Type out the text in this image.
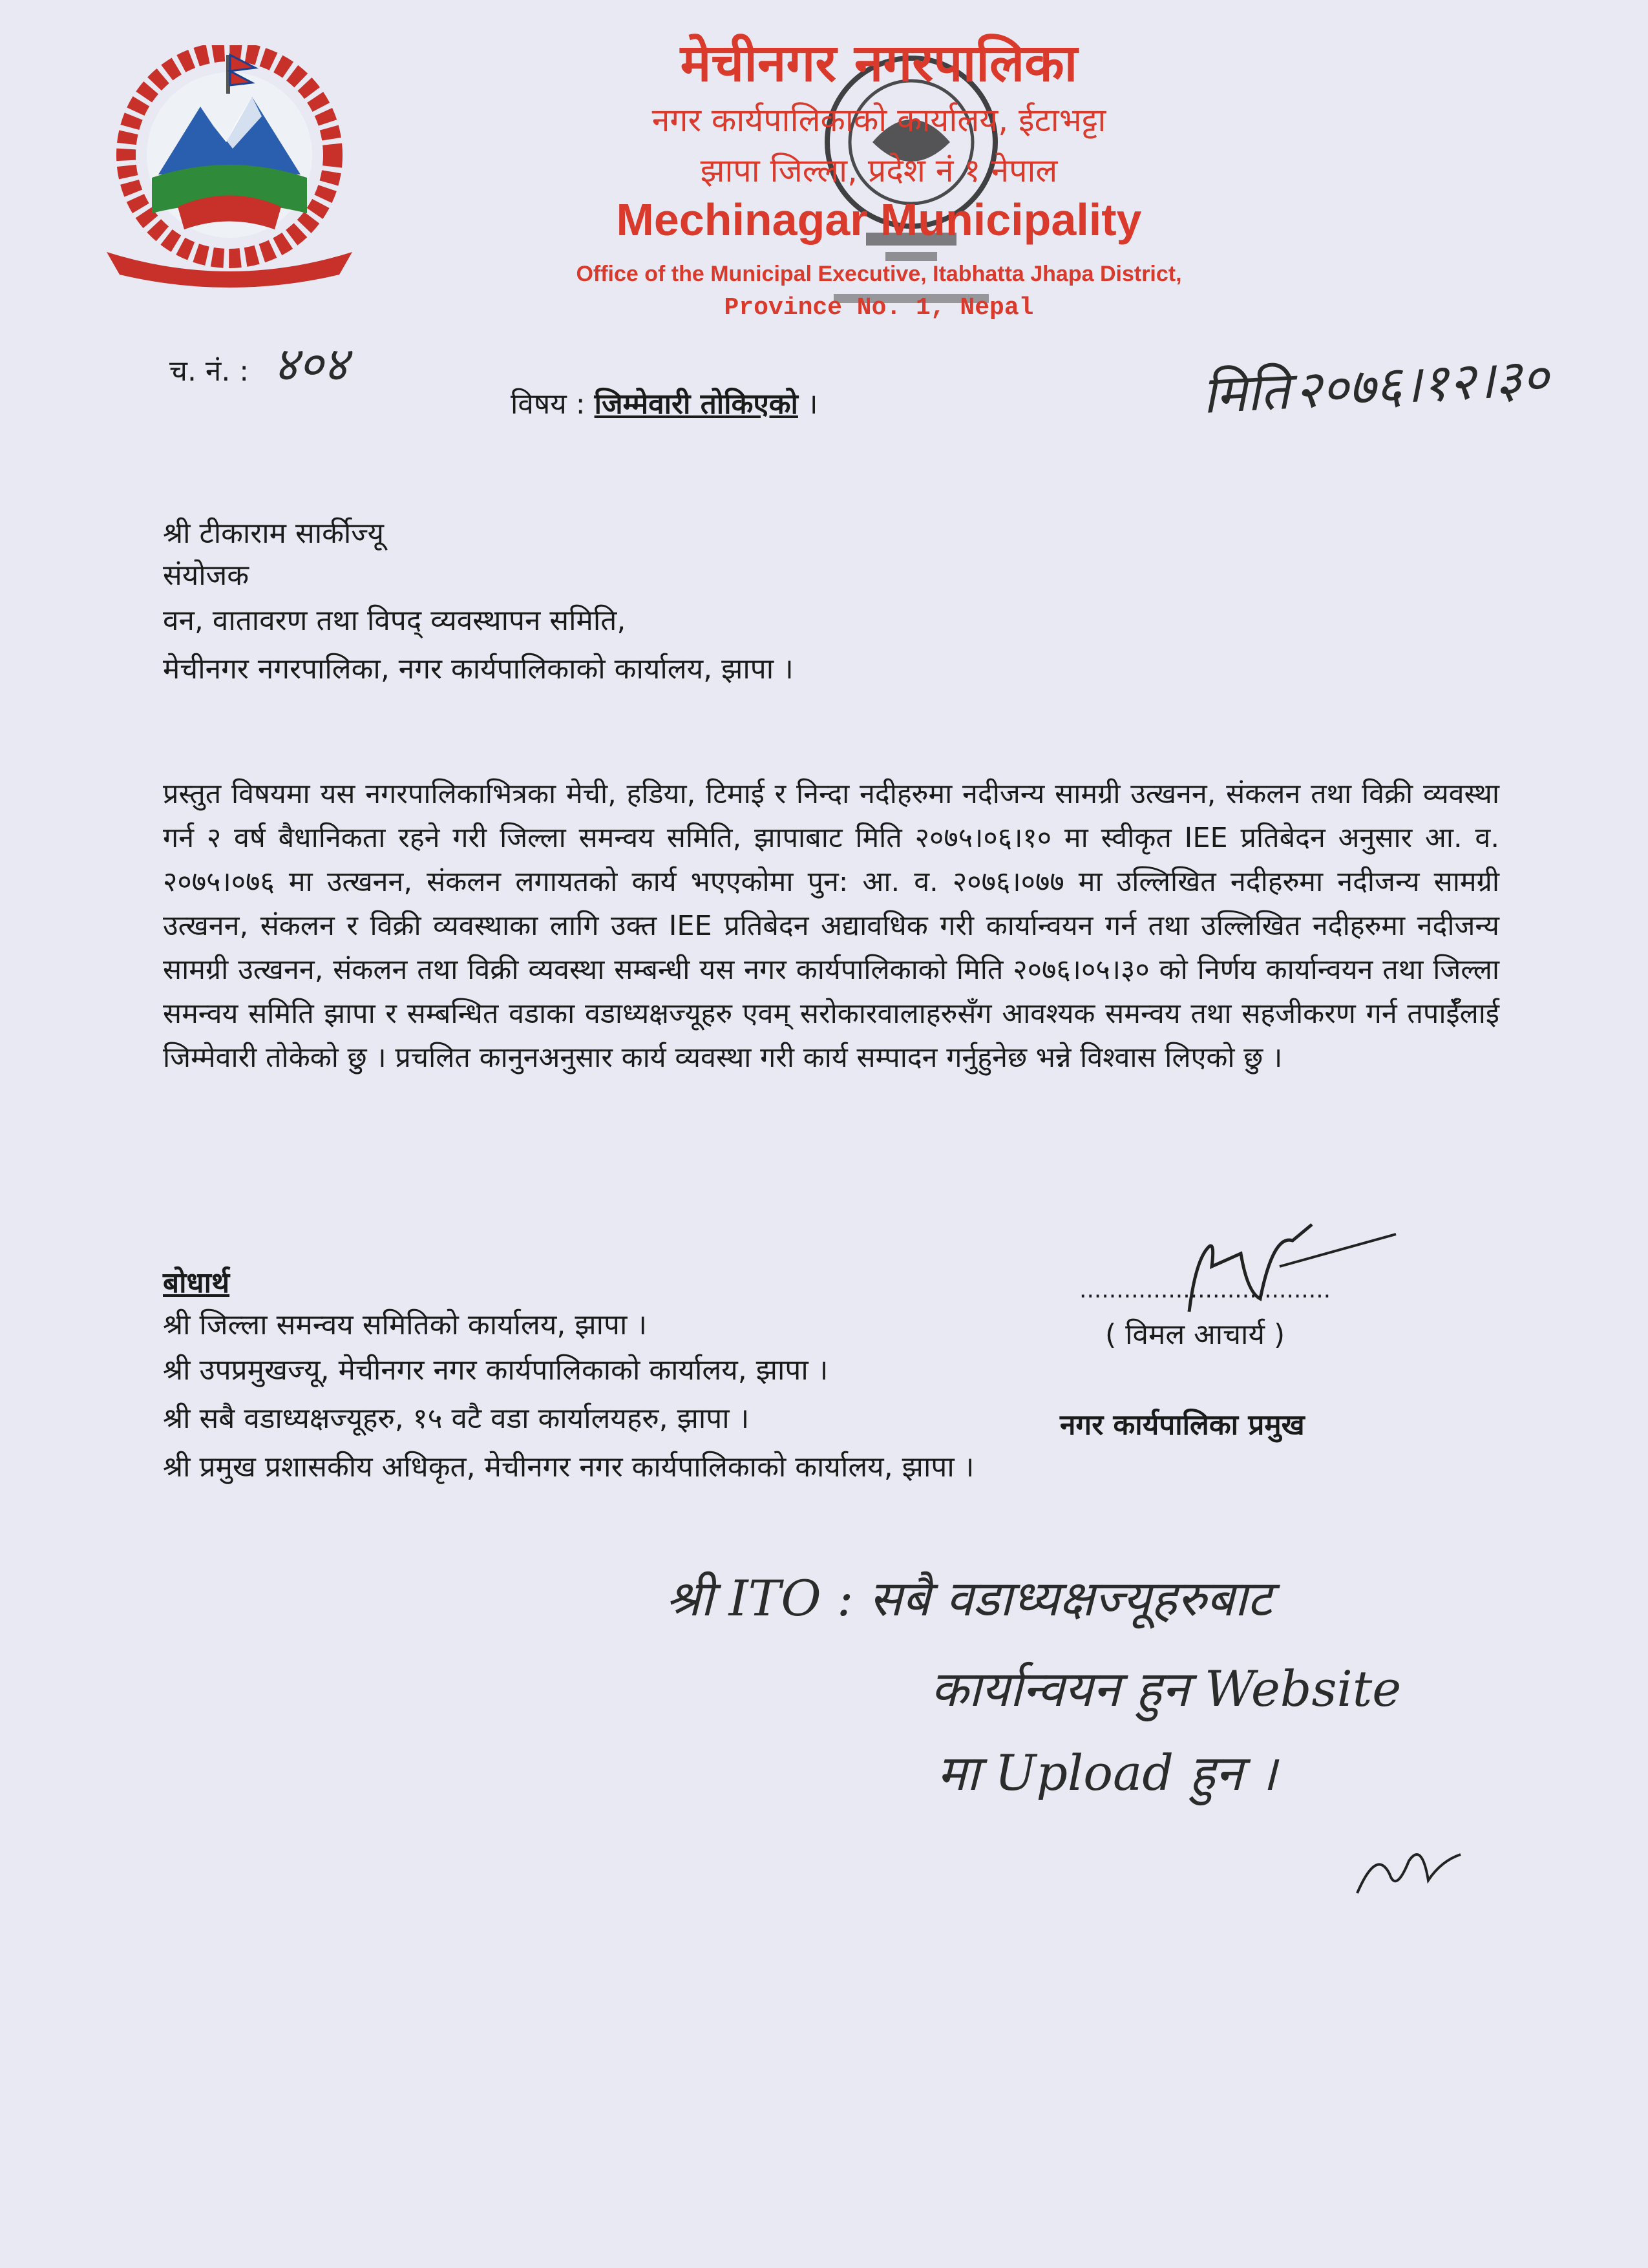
मेचीनगर नगरपालिका
नगर कार्यपालिकाको कार्यालय, ईटाभट्टा
झापा जिल्ला, प्रदेश नं १ नेपाल
Mechinagar Municipality
Office of the Municipal Executive, Itabhatta Jhapa District,
Province No. 1, Nepal
च. नं. : ४०४	मिति२०७६।१२।३०
विषय : जिम्मेवारी तोकिएको ।
श्री टीकाराम सार्कीज्यू
संयोजक
वन, वातावरण तथा विपद् व्यवस्थापन समिति,
मेचीनगर नगरपालिका, नगर कार्यपालिकाको कार्यालय, झापा ।
प्रस्तुत विषयमा यस नगरपालिकाभित्रका मेची, हडिया, टिमाई र निन्दा नदीहरुमा नदीजन्य सामग्री उत्खनन, संकलन तथा विक्री व्यवस्था गर्न २ वर्ष बैधानिकता रहने गरी जिल्ला समन्वय समिति, झापाबाट मिति २०७५।०६।१० मा स्वीकृत IEE प्रतिबेदन अनुसार आ. व. २०७५।०७६ मा उत्खनन, संकलन लगायतको कार्य भएएकोमा पुन: आ. व. २०७६।०७७ मा उल्लिखित नदीहरुमा नदीजन्य सामग्री उत्खनन, संकलन र विक्री व्यवस्थाका लागि उक्त IEE प्रतिबेदन अद्यावधिक गरी कार्यान्वयन गर्न तथा उल्लिखित नदीहरुमा नदीजन्य सामग्री उत्खनन, संकलन तथा विक्री व्यवस्था सम्बन्धी यस नगर कार्यपालिकाको मिति २०७६।०५।३० को निर्णय कार्यान्वयन तथा जिल्ला समन्वय समिति झापा र सम्बन्धित वडाका वडाध्यक्षज्यूहरु एवम् सरोकारवालाहरुसँग आवश्यक समन्वय तथा सहजीकरण गर्न तपाईँलाई जिम्मेवारी तोकेको छु । प्रचलित कानुनअनुसार कार्य व्यवस्था गरी कार्य सम्पादन गर्नुहुनेछ भन्ने विश्वास लिएको छु ।
बोधार्थ
श्री जिल्ला समन्वय समितिको कार्यालय, झापा ।
श्री उपप्रमुखज्यू, मेचीनगर नगर कार्यपालिकाको कार्यालय, झापा ।
श्री सबै वडाध्यक्षज्यूहरु, १५ वटै वडा कार्यालयहरु, झापा ।
श्री प्रमुख प्रशासकीय अधिकृत, मेचीनगर नगर कार्यपालिकाको कार्यालय, झापा ।
..................................
( विमल आचार्य )
नगर कार्यपालिका प्रमुख
श्री ITO : सबै वडाध्यक्षज्यूहरुबाट
कार्यान्वयन हुन Website
मा Upload हुन ।
